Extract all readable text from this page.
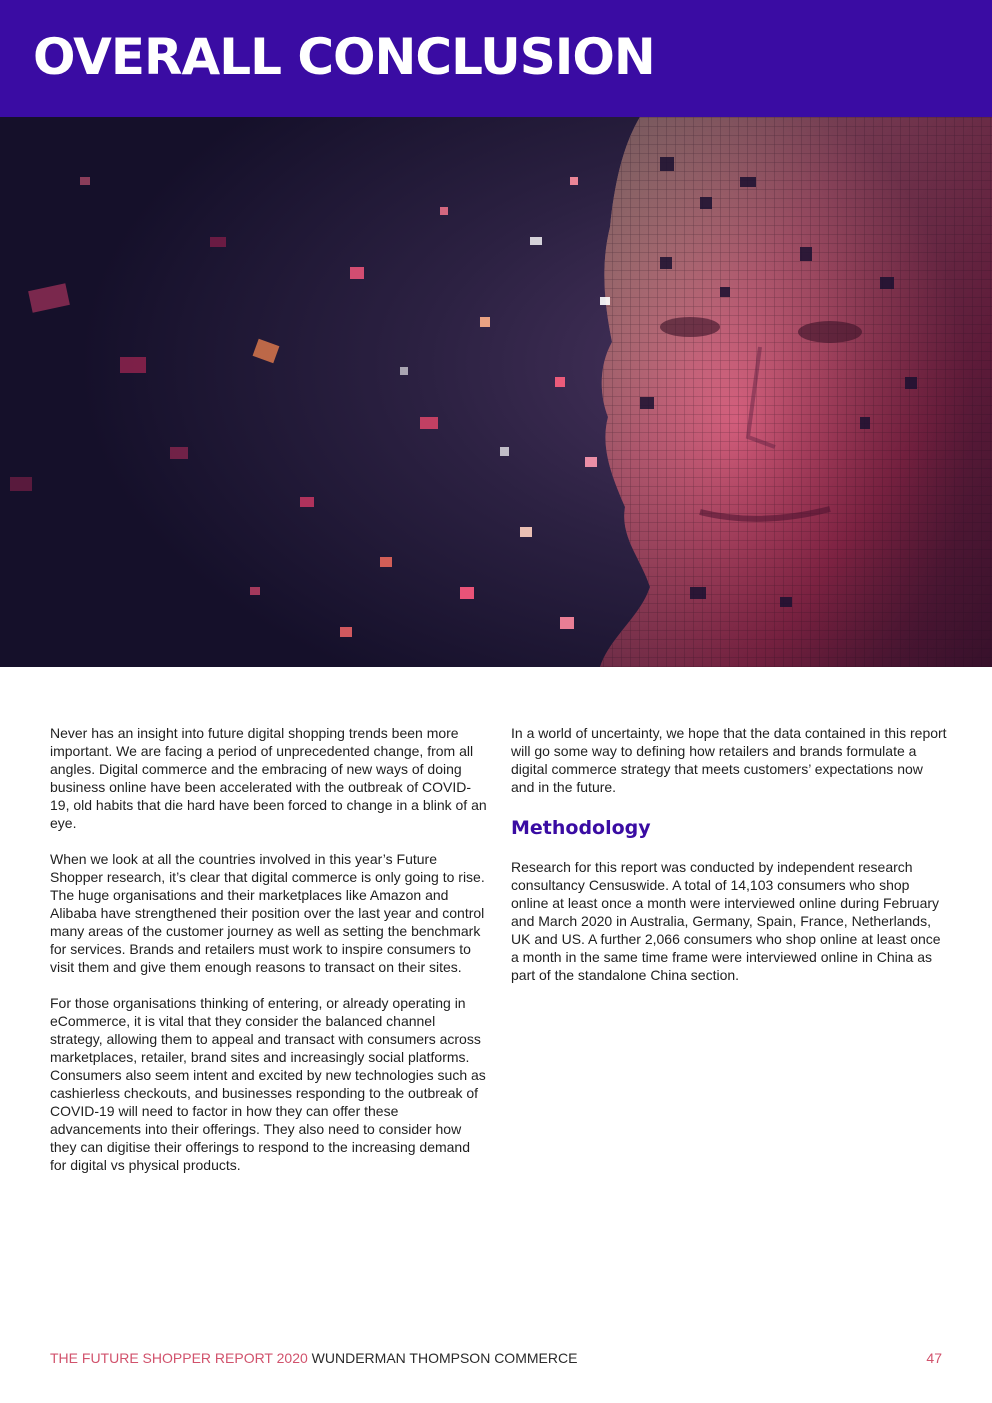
OVERALL CONCLUSION

Never has an insight into future digital shopping trends been more important. We are facing a period of unprecedented change, from all angles. Digital commerce and the embracing of new ways of doing business online have been accelerated with the outbreak of COVID-19, old habits that die hard have been forced to change in a blink of an eye.

When we look at all the countries involved in this year’s Future Shopper research, it’s clear that digital commerce is only going to rise. The huge organisations and their marketplaces like Amazon and Alibaba have strengthened their position over the last year and control many areas of the customer journey as well as setting the benchmark for services. Brands and retailers must work to inspire consumers to visit them and give them enough reasons to transact on their sites.

For those organisations thinking of entering, or already operating in eCommerce, it is vital that they consider the balanced channel strategy, allowing them to appeal and transact with consumers across marketplaces, retailer, brand sites and increasingly social platforms. Consumers also seem intent and excited by new technologies such as cashierless checkouts, and businesses responding to the outbreak of COVID-19 will need to factor in how they can offer these advancements into their offerings. They also need to consider how they can digitise their offerings to respond to the increasing demand for digital vs physical products.

In a world of uncertainty, we hope that the data contained in this report will go some way to defining how retailers and brands formulate a digital commerce strategy that meets customers’ expectations now and in the future.

Methodology

Research for this report was conducted by independent research consultancy Censuswide. A total of 14,103 consumers who shop online at least once a month were interviewed online during February and March 2020 in Australia, Germany, Spain, France, Netherlands, UK and US. A further 2,066 consumers who shop online at least once a month in the same time frame were interviewed online in China as part of the standalone China section.

THE FUTURE SHOPPER REPORT 2020 WUNDERMAN THOMPSON COMMERCE	47
